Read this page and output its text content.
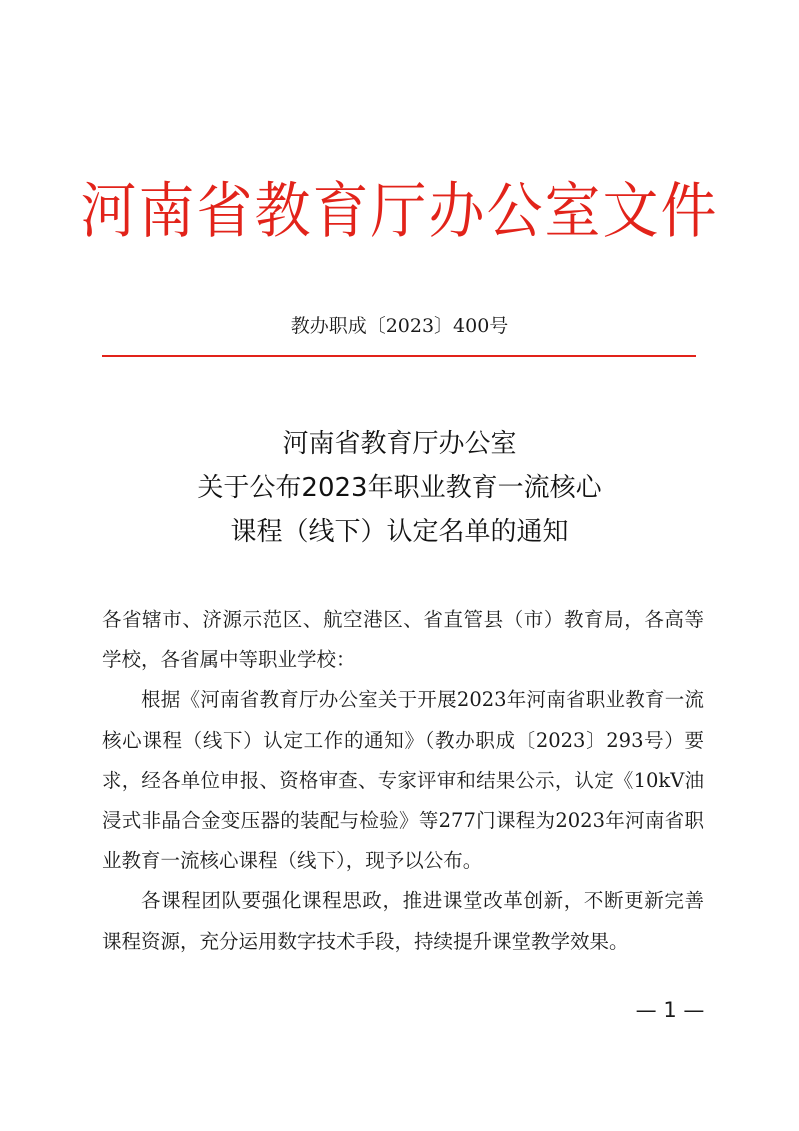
河南省教育厅办公室文件
教办职成〔2023〕400号
河南省教育厅办公室
关于公布2023年职业教育一流核心
课程（线下）认定名单的通知

各省辖市、济源示范区、航空港区、省直管县（市）教育局，各高等学校，各省属中等职业学校：

根据《河南省教育厅办公室关于开展2023年河南省职业教育一流核心课程（线下）认定工作的通知》（教办职成〔2023〕293号）要求，经各单位申报、资格审查、专家评审和结果公示，认定《10kV油浸式非晶合金变压器的装配与检验》等277门课程为2023年河南省职业教育一流核心课程（线下），现予以公布。

各课程团队要强化课程思政，推进课堂改革创新，不断更新完善课程资源，充分运用数字技术手段，持续提升课堂教学效果。

— 1 —
